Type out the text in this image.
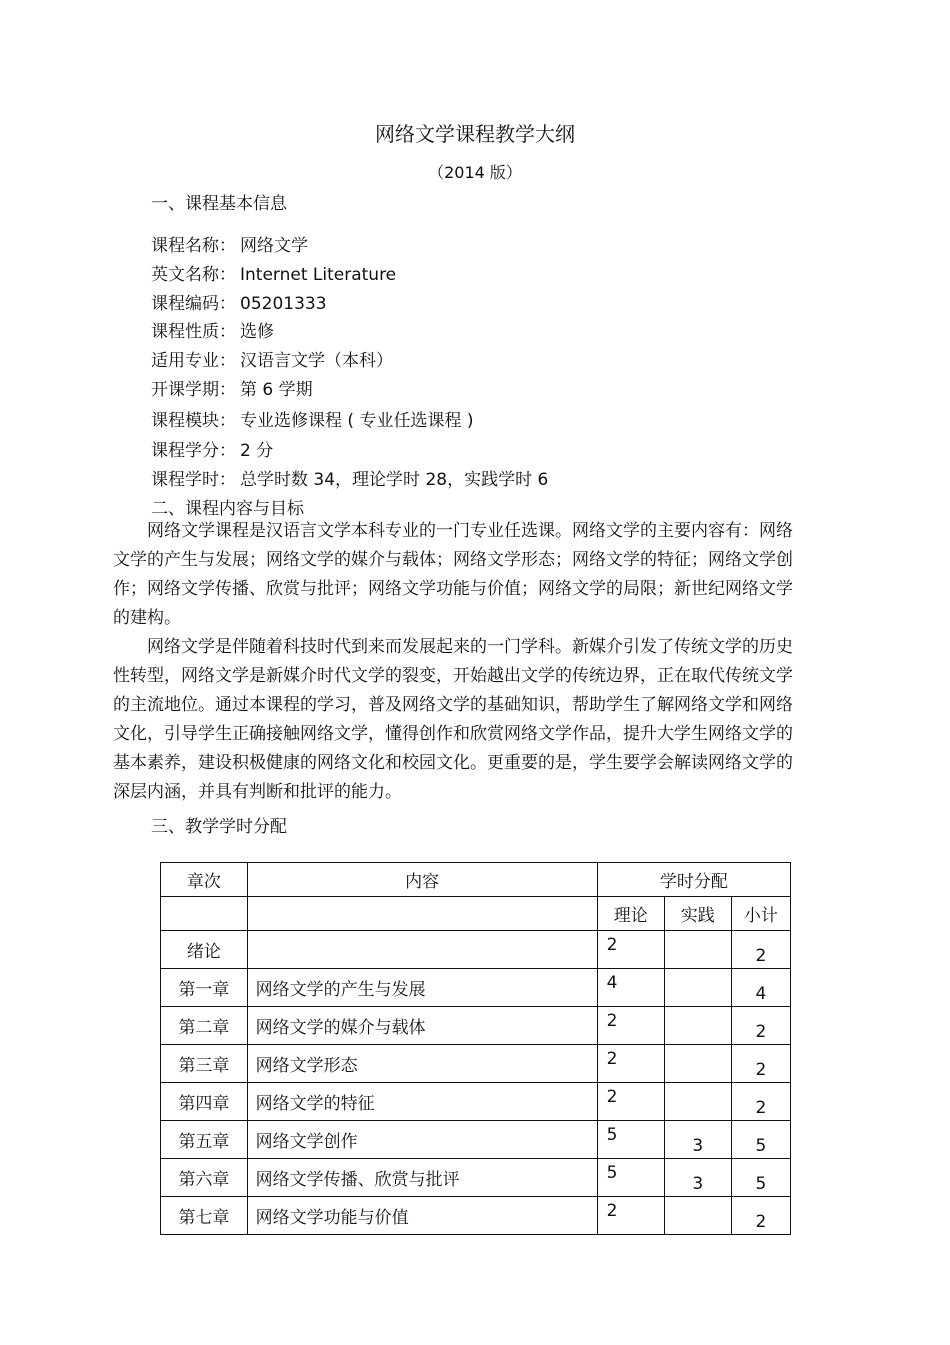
网络文学课程教学大纲
（2014 版）
一、课程基本信息
课程名称： 网络文学
英文名称：Internet Literature
课程编码：05201333
课程性质： 选修
适用专业： 汉语言文学（本科）
开课学期： 第 6 学期
课程模块： 专业选修课程 ( 专业任选课程 )
课程学分：2 分
课程学时： 总学时数 34，理论学时 28，实践学时 6
二、课程内容与目标

网络文学课程是汉语言文学本科专业的一门专业任选课。网络文学的主要内容有：网络文学的产生与发展；网络文学的媒介与载体；网络文学形态；网络文学的特征；网络文学创作；网络文学传播、欣赏与批评；网络文学功能与价值；网络文学的局限；新世纪网络文学的建构。

网络文学是伴随着科技时代到来而发展起来的一门学科。新媒介引发了传统文学的历史性转型，网络文学是新媒介时代文学的裂变，开始越出文学的传统边界，正在取代传统文学的主流地位。通过本课程的学习，普及网络文学的基础知识，帮助学生了解网络文学和网络文化，引导学生正确接触网络文学，懂得创作和欣赏网络文学作品，提升大学生网络文学的基本素养，建设积极健康的网络文化和校园文化。更重要的是，学生要学会解读网络文学的深层内涵，并具有判断和批评的能力。

三、教学学时分配
章次	内容	学时分配		
		理论	实践	小计
绪论		2		2
第一章	网络文学的产生与发展	4		4
第二章	网络文学的媒介与载体	2		2
第三章	网络文学形态	2		2
第四章	网络文学的特征	2		2
第五章	网络文学创作	5	3	5
第六章	网络文学传播、欣赏与批评	5	3	5
第七章	网络文学功能与价值	2		2
